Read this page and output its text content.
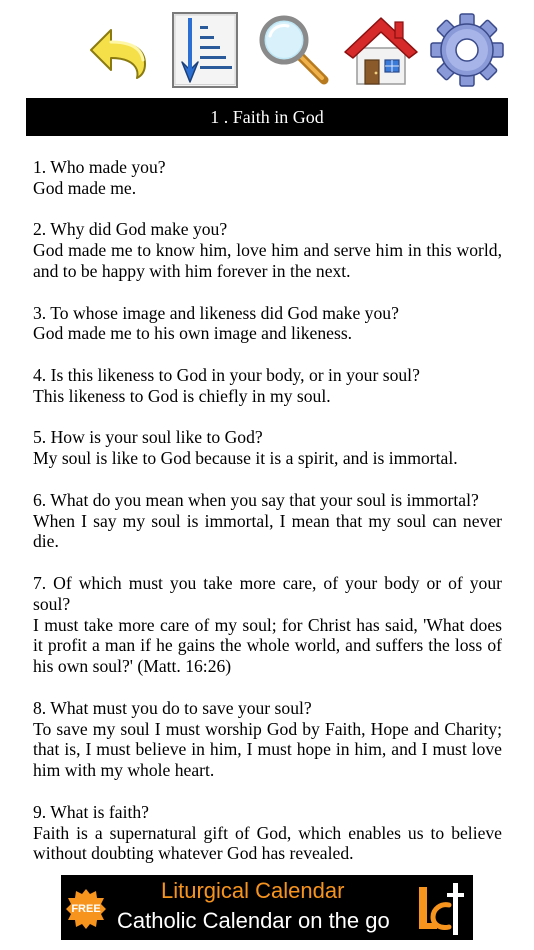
1 . Faith in God

1. Who made you?

God made me.

2. Why did God make you?

God made me to know him, love him and serve him in this world, and to be happy with him forever in the next.

3. To whose image and likeness did God make you?

God made me to his own image and likeness.

4. Is this likeness to God in your body, or in your soul?

This likeness to God is chiefly in my soul.

5. How is your soul like to God?

My soul is like to God because it is a spirit, and is immortal.

6. What do you mean when you say that your soul is immortal?

When I say my soul is immortal, I mean that my soul can never die.

7. Of which must you take more care, of your body or of your soul?

I must take more care of my soul; for Christ has said, 'What does it profit a man if he gains the whole world, and suffers the loss of his own soul?' (Matt. 16:26)

8. What must you do to save your soul?

To save my soul I must worship God by Faith, Hope and Charity; that is, I must believe in him, I must hope in him, and I must love him with my whole heart.

9. What is faith?

Faith is a supernatural gift of God, which enables us to believe without doubting whatever God has revealed.

FREE
Liturgical Calendar
Catholic Calendar on the go
